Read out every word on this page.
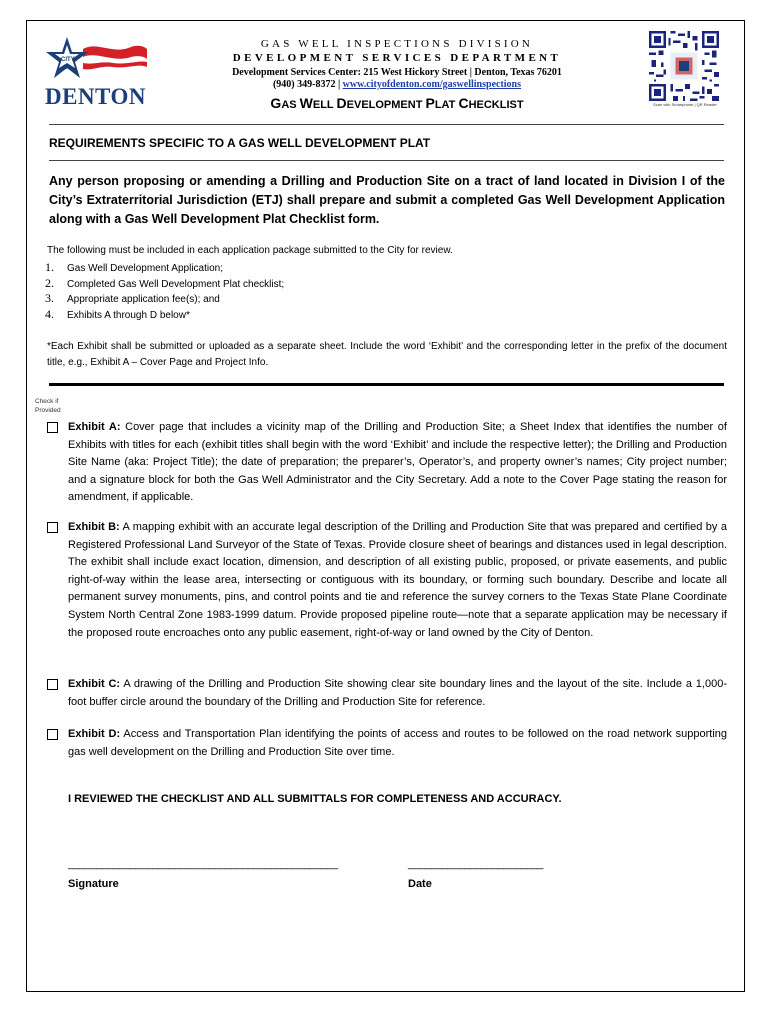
CITY
OF
DENTON
GAS WELL INSPECTIONS DIVISION
DEVELOPMENT SERVICES DEPARTMENT
Development Services Center: 215 West Hickory Street | Denton, Texas 76201
(940) 349-8372 | www.cityofdenton.com/gaswellinspections
GAS WELL DEVELOPMENT PLAT CHECKLIST	Scan with Smartphone | QR Reader
REQUIREMENTS SPECIFIC TO A GAS WELL DEVELOPMENT PLAT
Any person proposing or amending a Drilling and Production Site on a tract of land located in Division I of the City’s Extraterritorial Jurisdiction (ETJ) shall prepare and submit a completed Gas Well Development Application along with a Gas Well Development Plat Checklist form.
The following must be included in each application package submitted to the City for review.
1. Gas Well Development Application;
2. Completed Gas Well Development Plat checklist;
3. Appropriate application fee(s); and
4. Exhibits A through D below*
*Each Exhibit shall be submitted or uploaded as a separate sheet. Include the word ‘Exhibit’ and the corresponding letter in the prefix of the document title, e.g., Exhibit A – Cover Page and Project Info.
Check if Provided
Exhibit A: Cover page that includes a vicinity map of the Drilling and Production Site; a Sheet Index that identifies the number of Exhibits with titles for each (exhibit titles shall begin with the word ‘Exhibit’ and include the respective letter); the Drilling and Production Site Name (aka: Project Title); the date of preparation; the preparer’s, Operator’s, and property owner’s names; City project number; and a signature block for both the Gas Well Administrator and the City Secretary. Add a note to the Cover Page stating the reason for amendment, if applicable.
Exhibit B: A mapping exhibit with an accurate legal description of the Drilling and Production Site that was prepared and certified by a Registered Professional Land Surveyor of the State of Texas. Provide closure sheet of bearings and distances used in legal description. The exhibit shall include exact location, dimension, and description of all existing public, proposed, or private easements, and public right-of-way within the lease area, intersecting or contiguous with its boundary, or forming such boundary. Describe and locate all permanent survey monuments, pins, and control points and tie and reference the survey corners to the Texas State Plane Coordinate System North Central Zone 1983-1999 datum. Provide proposed pipeline route—note that a separate application may be necessary if the proposed route encroaches onto any public easement, right-of-way or land owned by the City of Denton.
Exhibit C: A drawing of the Drilling and Production Site showing clear site boundary lines and the layout of the site. Include a 1,000-foot buffer circle around the boundary of the Drilling and Production Site for reference.
Exhibit D: Access and Transportation Plan identifying the points of access and routes to be followed on the road network supporting gas well development on the Drilling and Production Site over time.
I REVIEWED THE CHECKLIST AND ALL SUBMITTALS FOR COMPLETENESS AND ACCURACY.
________________________________________________	________________________
Signature	Date
